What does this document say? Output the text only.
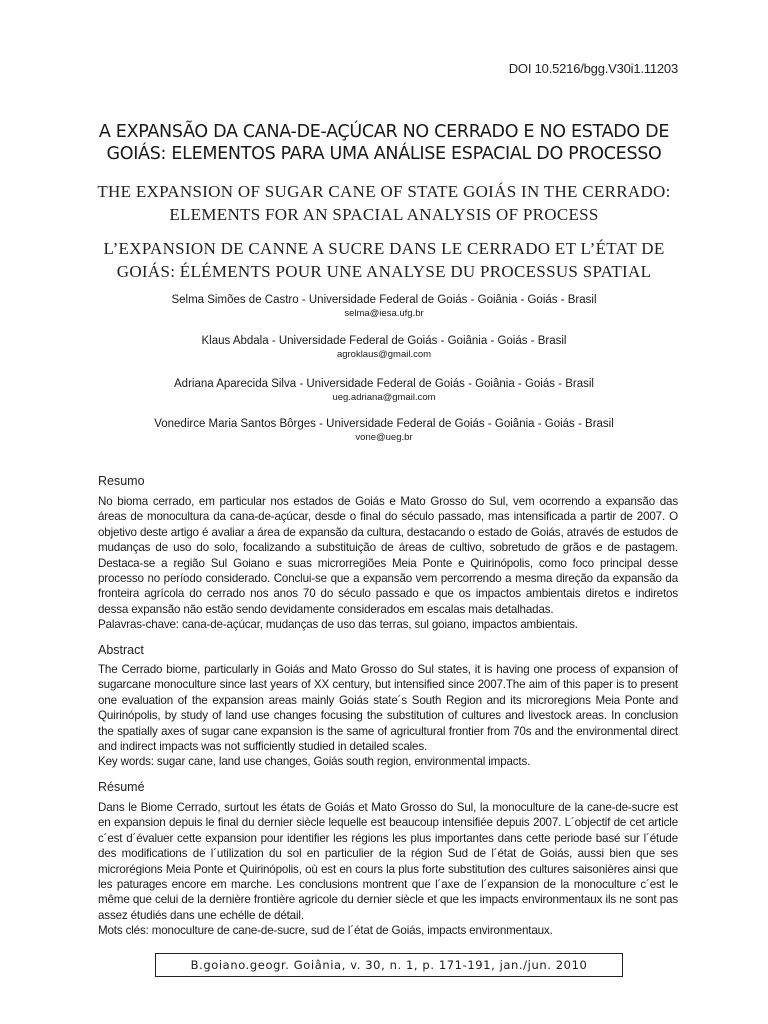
DOI 10.5216/bgg.V30i1.11203
A EXPANSÃO DA CANA-DE-AÇÚCAR NO CERRADO E NO ESTADO DE GOIÁS: ELEMENTOS PARA UMA ANÁLISE ESPACIAL DO PROCESSO
THE EXPANSION OF SUGAR CANE OF STATE GOIÁS IN THE CERRADO: ELEMENTS FOR AN SPACIAL ANALYSIS OF PROCESS
L’EXPANSION DE CANNE A SUCRE DANS LE CERRADO ET L’ÉTAT DE GOIÁS: ÉLÉMENTS POUR UNE ANALYSE DU PROCESSUS SPATIAL
Selma Simões de Castro - Universidade Federal de Goiás - Goiânia - Goiás - Brasil
selma@iesa.ufg.br
Klaus Abdala - Universidade Federal de Goiás - Goiânia - Goiás - Brasil
agroklaus@gmail.com
Adriana Aparecida Silva - Universidade Federal de Goiás - Goiânia - Goiás - Brasil
ueg.adriana@gmail.com
Vonedirce Maria Santos Bôrges - Universidade Federal de Goiás - Goiânia - Goiás - Brasil
vone@ueg.br
Resumo

No bioma cerrado, em particular nos estados de Goiás e Mato Grosso do Sul, vem ocorrendo a expansão das áreas de monocultura da cana-de-açúcar, desde o final do século passado, mas intensificada a partir de 2007. O objetivo deste artigo é avaliar a área de expansão da cultura, destacando o estado de Goiás, através de estudos de mudanças de uso do solo, focalizando a substituição de áreas de cultivo, sobretudo de grãos e de pastagem. Destaca-se a região Sul Goiano e suas microrregiões Meia Ponte e Quirinópolis, como foco principal desse processo no período considerado. Conclui-se que a expansão vem percorrendo a mesma direção da expansão da fronteira agrícola do cerrado nos anos 70 do século passado e que os impactos ambientais diretos e indiretos dessa expansão não estão sendo devidamente considerados em escalas mais detalhadas.

Palavras-chave: cana-de-açúcar, mudanças de uso das terras, sul goiano, impactos ambientais.

Abstract

The Cerrado biome, particularly in Goiás and Mato Grosso do Sul states, it is having one process of expansion of sugarcane monoculture since last years of XX century, but intensified since 2007.The aim of this paper is to present one evaluation of the expansion areas mainly Goiás state´s South Region and its microregions Meia Ponte and Quirinópolis, by study of land use changes focusing the substitution of cultures and livestock areas. In conclusion the spatially axes of sugar cane expansion is the same of agricultural frontier from 70s and the environmental direct and indirect impacts was not sufficiently studied in detailed scales.

Key words: sugar cane, land use changes, Goiás south region, environmental impacts.

Résumé

Dans le Biome Cerrado, surtout les états de Goiás et Mato Grosso do Sul, la monoculture de la cane-de-sucre est en expansion depuis le final du dernier siècle lequelle est beaucoup intensifiée depuis 2007. L´objectif de cet article c´est d´évaluer cette expansion pour identifier les régions les plus importantes dans cette periode basé sur l´étude des modifications de l´utilization du sol en particulier de la région Sud de l´état de Goiás, aussi bien que ses microrégions Meia Ponte et Quirinópolis, où est en cours la plus forte substitution des cultures saisonières ainsi que les paturages encore em marche. Les conclusions montrent que l´axe de l´expansion de la monoculture c´est le même que celui de la dernière frontière agricole du dernier siècle et que les impacts environmentaux ils ne sont pas assez étudiés dans une echélle de détail.

Mots clés: monoculture de cane-de-sucre, sud de l´état de Goiás, impacts environmentaux.

B.goiano.geogr. Goiânia, v. 30, n. 1, p. 171-191, jan./jun. 2010
